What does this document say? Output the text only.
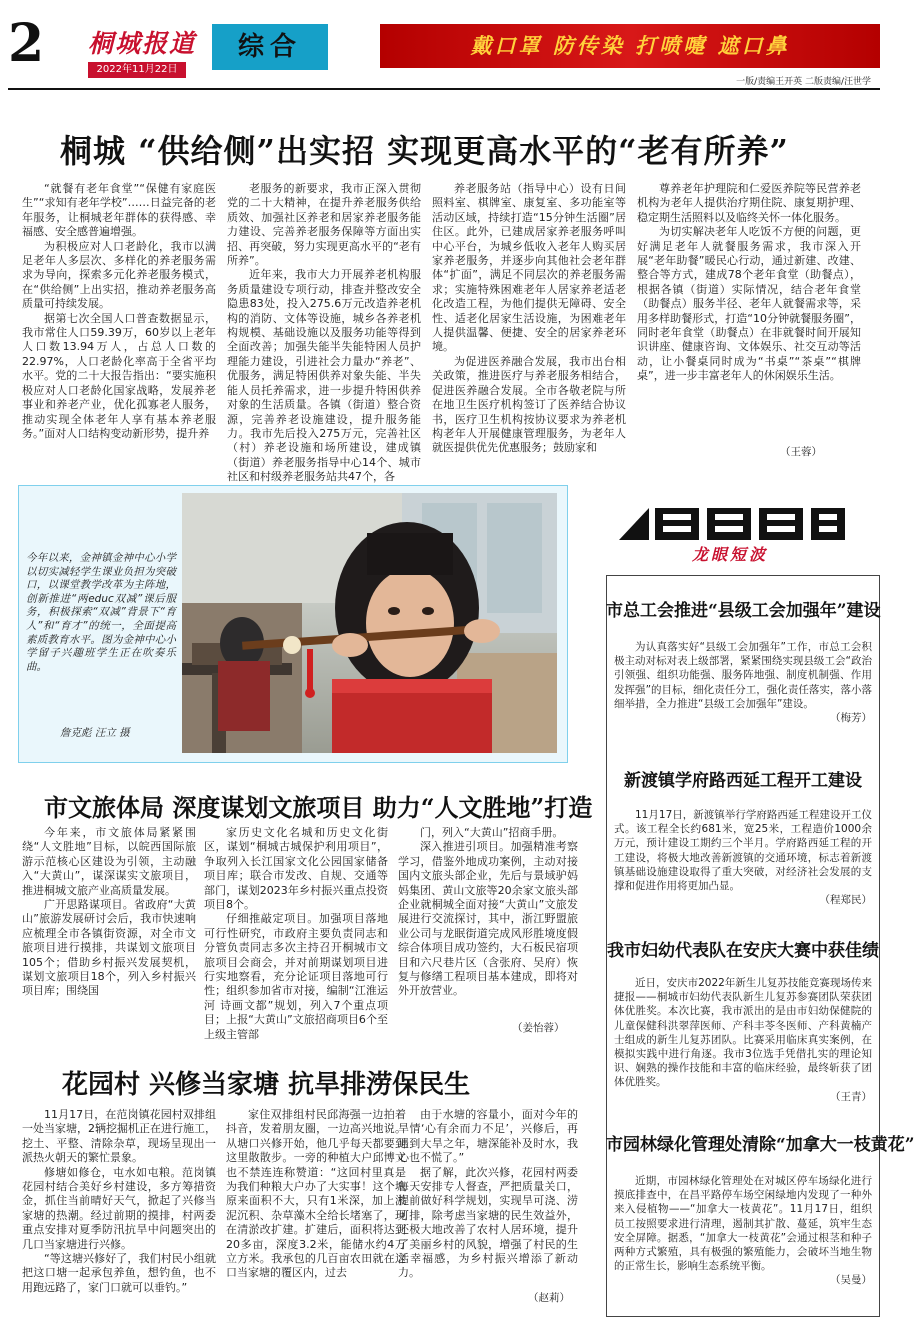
2 桐城报道
2022年11月22日
综合	戴口罩 防传染 打喷嚏 遮口鼻
一版/责编王开英 二版责编/汪世学
桐城 “供给侧”出实招 实现更高水平的“老有所养”

“就餐有老年食堂”“保健有家庭医生”“求知有老年学校”……日益完备的老年服务，让桐城老年群体的获得感、幸福感、安全感普遍增强。

为积极应对人口老龄化，我市以满足老年人多层次、多样化的养老服务需求为导向，探索多元化养老服务模式，在“供给侧”上出实招，推动养老服务高质量可持续发展。

据第七次全国人口普查数据显示，我市常住人口59.39万，60岁以上老年人口数13.94万人，占总人口数的22.97%，人口老龄化率高于全省平均水平。党的二十大报告指出：“要实施积极应对人口老龄化国家战略，发展养老事业和养老产业，优化孤寡老人服务，推动实现全体老年人享有基本养老服务。”面对人口结构变动新形势，提升养

老服务的新要求，我市正深入贯彻党的二十大精神，在提升养老服务供给质效、加强社区养老和居家养老服务能力建设、完善养老服务保障等方面出实招、再突破，努力实现更高水平的“老有所养”。

近年来，我市大力开展养老机构服务质量建设专项行动，排查并整改安全隐患83处，投入275.6万元改造养老机构的消防、文体等设施，城乡各养老机构规模、基础设施以及服务功能等得到全面改善；加强失能半失能特困人员护理能力建设，引进社会力量办“养老”、优服务，满足特困供养对象失能、半失能人员托养需求，进一步提升特困供养对象的生活质量。各镇（街道）整合资源，完善养老设施建设，提升服务能力。我市先后投入275万元，完善社区（村）养老设施和场所建设，建成镇（街道）养老服务指导中心14个、城市社区和村级养老服务站共47个，各

养老服务站（指导中心）设有日间照料室、棋牌室、康复室、多功能室等活动区域，持续打造“15分钟生活圈”居住区。此外，已建成居家养老服务呼叫中心平台，为城乡低收入老年人购买居家养老服务，并逐步向其他社会老年群体“扩面”，满足不同层次的养老服务需求；实施特殊困难老年人居家养老适老化改造工程，为他们提供无障碍、安全性、适老化居家生活设施，为困难老年人提供温馨、便捷、安全的居家养老环境。

为促进医养融合发展，我市出台相关政策，推进医疗与养老服务相结合，促进医养融合发展。全市各敬老院与所在地卫生医疗机构签订了医养结合协议书，医疗卫生机构按协议要求为养老机构老年人开展健康管理服务，为老年人就医提供优先优惠服务；鼓励家和

尊养老年护理院和仁爱医养院等民营养老机构为老年人提供治疗期住院、康复期护理、稳定期生活照料以及临终关怀一体化服务。

为切实解决老年人吃饭不方便的问题，更好满足老年人就餐服务需求，我市深入开展“老年助餐”暖民心行动，通过新建、改建、整合等方式，建成78个老年食堂（助餐点），根据各镇（街道）实际情况，结合老年食堂（助餐点）服务半径、老年人就餐需求等，采用多样助餐形式，打造“10分钟就餐服务圈”，同时老年食堂（助餐点）在非就餐时间开展知识讲座、健康咨询、文体娱乐、社交互动等活动，让小餐桌同时成为“书桌”“茶桌”“棋牌桌”，进一步丰富老年人的休闲娱乐生活。

（王蓉）
今年以来，金神镇金神中心小学以切实减轻学生课业负担为突破口，以课堂教学改革为主阵地，创新推进“两educ双减”课后服务，积极探索“双减”背景下“育人”和“育才”的统一，全面提高素质教育水平。图为金神中心小学留子兴趣班学生正在吹奏乐曲。
詹克彪 汪立 摄
市文旅体局 深度谋划文旅项目 助力“人文胜地”打造

今年来，市文旅体局紧紧围绕“人文胜地”目标，以皖西国际旅游示范核心区建设为引领，主动融入“大黄山”，谋深谋实文旅项目，推进桐城文旅产业高质量发展。

广开思路谋项目。省政府“大黄山”旅游发展研讨会后，我市快速响应梳理全市各镇街资源，对全市文旅项目进行摸排，共谋划文旅项目105个；借助乡村振兴发展契机，谋划文旅项目18个，列入乡村振兴项目库；围绕国

家历史文化名城和历史文化街区，谋划“桐城古城保护利用项目”，争取列入长江国家文化公园国家储备项目库；联合市发改、自规、交通等部门，谋划2023年乡村振兴重点投资项目8个。

仔细推敲定项目。加强项目落地可行性研究，市政府主要负责同志和分管负责同志多次主持召开桐城市文旅项目会商会，并对前期谋划项目进行实地察看，充分论证项目落地可行性；组织参加省市对接，编制“江淮运河 诗画文都”规划，列入7个重点项目；上报“大黄山”文旅招商项目6个至上级主管部

门，列入“大黄山”招商手册。

深入推进引项目。加强精准考察学习，借鉴外地成功案例，主动对接国内文旅头部企业，先后与景域驴妈妈集团、黄山文旅等20余家文旅头部企业就桐城全面对接“大黄山”文旅发展进行交流探讨，其中，浙江野盟旅业公司与龙眠街道完成风形胜境度假综合体项目成功签约，大石板民宿项目和六尺巷片区（含张府、吴府）恢复与修缮工程项目基本建成，即将对外开放营业。

（姜怡蓉）
花园村 兴修当家塘 抗旱排涝保民生

11月17日，在范岗镇花园村双排组一处当家塘，2辆挖掘机正在进行施工，挖土、平整、清除杂草，现场呈现出一派热火朝天的繁忙景象。

修塘如修仓，屯水如屯粮。范岗镇花园村结合美好乡村建设，多方筹措资金，抓住当前晴好天气，掀起了兴修当家塘的热潮。经过前期的摸排，村两委重点安排对夏季防汛抗旱中问题突出的几口当家塘进行兴修。

“等这塘兴修好了，我们村民小组就把这口塘一起承包养鱼，想钓鱼，也不用跑远路了，家门口就可以垂钓。”

家住双排组村民邱海强一边拍着抖音，发着朋友圈，一边高兴地说。从塘口兴修开始，他几乎每天都要到这里散散步。一旁的种植大户邱博文也不禁连连称赞道：“这回村里真是为我们种粮大户办了大实事！这个塘原来面积不大，只有1米深，加上淤泥沉积、杂草藻木全给长堵塞了，现在清淤改扩建。扩建后，面积将达到20多亩，深度3.2米，能储水约4万立方米。我承包的几百亩农田就在这口当家塘的覆区内，过去

由于水塘的容量小，面对今年的旱情‘心有余而力不足’，兴修后，再遇到大旱之年，塘深能补及时水，我心也不慌了。”

据了解，此次兴修，花园村两委每天安排专人督查，严把质量关口，提前做好科学规划，实现旱可浇、涝可排，除考虑当家塘的民生效益外，还极大地改善了农村人居环境，提升了美丽乡村的风貌，增强了村民的生活幸福感，为乡村振兴增添了新动力。

（赵莉）
龙眼短波
市总工会推进“县级工会加强年”建设

为认真落实好“县级工会加强年”工作，市总工会积极主动对标对表上级部署，紧紧围绕实现县级工会“政治引领强、组织功能强、服务阵地强、制度机制强、作用发挥强”的目标，细化责任分工，强化责任落实，落小落细举措，全力推进“县级工会加强年”建设。

（梅芳）
新渡镇学府路西延工程开工建设

11月17日，新渡镇举行学府路西延工程建设开工仪式。该工程全长约681米，宽25米，工程造价1000余万元，预计建设工期约三个半月。学府路西延工程的开工建设，将极大地改善新渡镇的交通环境，标志着新渡镇基础设施建设取得了重大突破，对经济社会发展的支撑和促进作用将更加凸显。

（程郑民）
我市妇幼代表队在安庆大赛中获佳绩

近日，安庆市2022年新生儿复苏技能竞赛现场传来捷报——桐城市妇幼代表队新生儿复苏参赛团队荣获团体优胜奖。本次比赛，我市派出的是由市妇幼保健院的儿童保健科洪翠萍医师、产科丰苓冬医师、产科黄楠产士组成的新生儿复苏团队。比赛采用临床真实案例，在模拟实践中进行角逐。我市3位选手凭借扎实的理论知识、娴熟的操作技能和丰富的临床经验，最终斩获了团体优胜奖。

（王青）
市园林绿化管理处清除“加拿大一枝黄花”

近期，市园林绿化管理处在对城区停车场绿化进行摸底排查中，在昌平路停车场空闲绿地内发现了一种外来入侵植物——“加拿大一枝黄花”。11月17日，组织员工按照要求进行清理，遏制其扩散、蔓延，筑牢生态安全屏障。据悉，“加拿大一枝黄花”会通过根茎和种子两种方式繁殖，具有极强的繁殖能力，会破坏当地生物的正常生长，影响生态系统平衡。

（吴曼）
